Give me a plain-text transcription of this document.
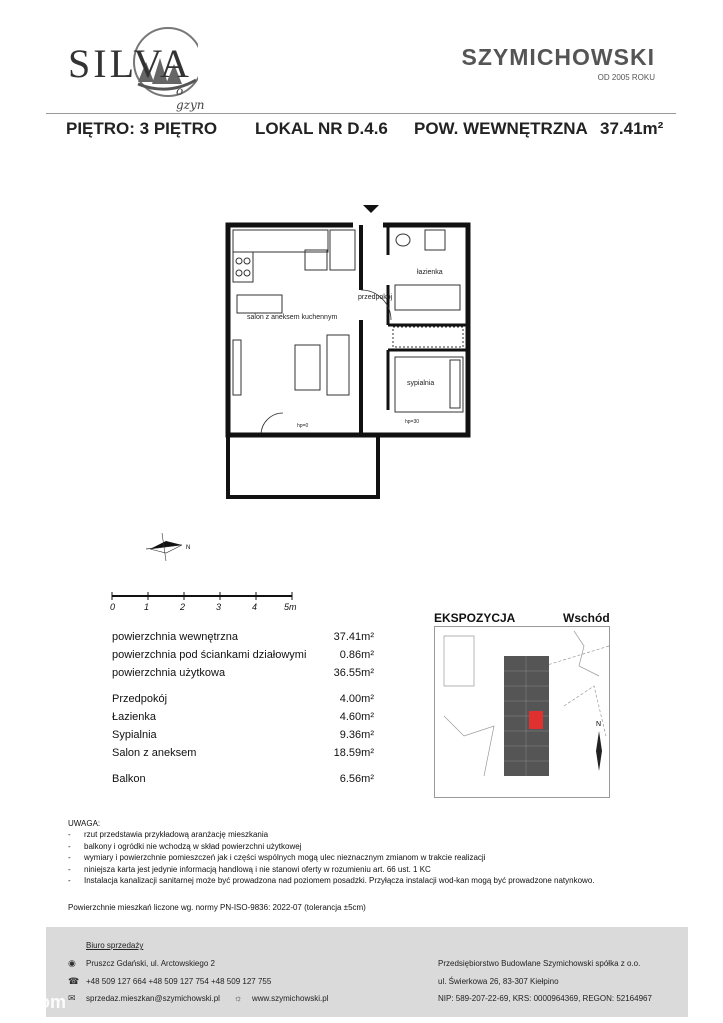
SILVA
o gzyn
SZYMICHOWSKI
OD 2005 ROKU
PIĘTRO: 3 PIĘTRO LOKAL NR D.4.6 POW. WEWNĘTRZNA 37.41m²
salon z aneksem kuchennym
przedpokój
łazienka
sypialnia
hp=0
hp=30
N
0	1	2	3	4	5m
powierzchnia wewnętrzna	37.41m²
powierzchnia pod ściankami działowymi	0.86m²
powierzchnia użytkowa	36.55m²
Przedpokój	4.00m²
Łazienka	4.60m²
Sypialnia	9.36m²
Salon z aneksem	18.59m²
Balkon	6.56m²
EKSPOZYCJA	Wschód
N
UWAGA:
- rzut przedstawia przykładową aranżację mieszkania
- balkony i ogródki nie wchodzą w skład powierzchni użytkowej
- wymiary i powierzchnie pomieszczeń jak i części wspólnych mogą ulec nieznacznym zmianom w trakcie realizacji
- niniejsza karta jest jedynie informacją handlową i nie stanowi oferty w rozumieniu art. 66 ust. 1 KC
- Instalacja kanalizacji sanitarnej może być prowadzona nad poziomem posadzki. Przyłącza instalacji wod-kan mogą być prowadzone natynkowo.
Powierzchnie mieszkań liczone wg. normy PN-ISO-9836: 2022-07 (tolerancja ±5cm)
Biuro sprzedaży
◉ Pruszcz Gdański, ul. Arctowskiego 2
☎ +48 509 127 664 +48 509 127 754 +48 509 127 755
✉	sprzedaz.mieszkan@szymichowski.pl ☼ www.szymichowski.pl
Przedsiębiorstwo Budowlane Szymichowski spółka z o.o.
ul. Świerkowa 26, 83-307 Kiełpino
NIP: 589-207-22-69, KRS: 0000964369, REGON: 52164967
otodom
